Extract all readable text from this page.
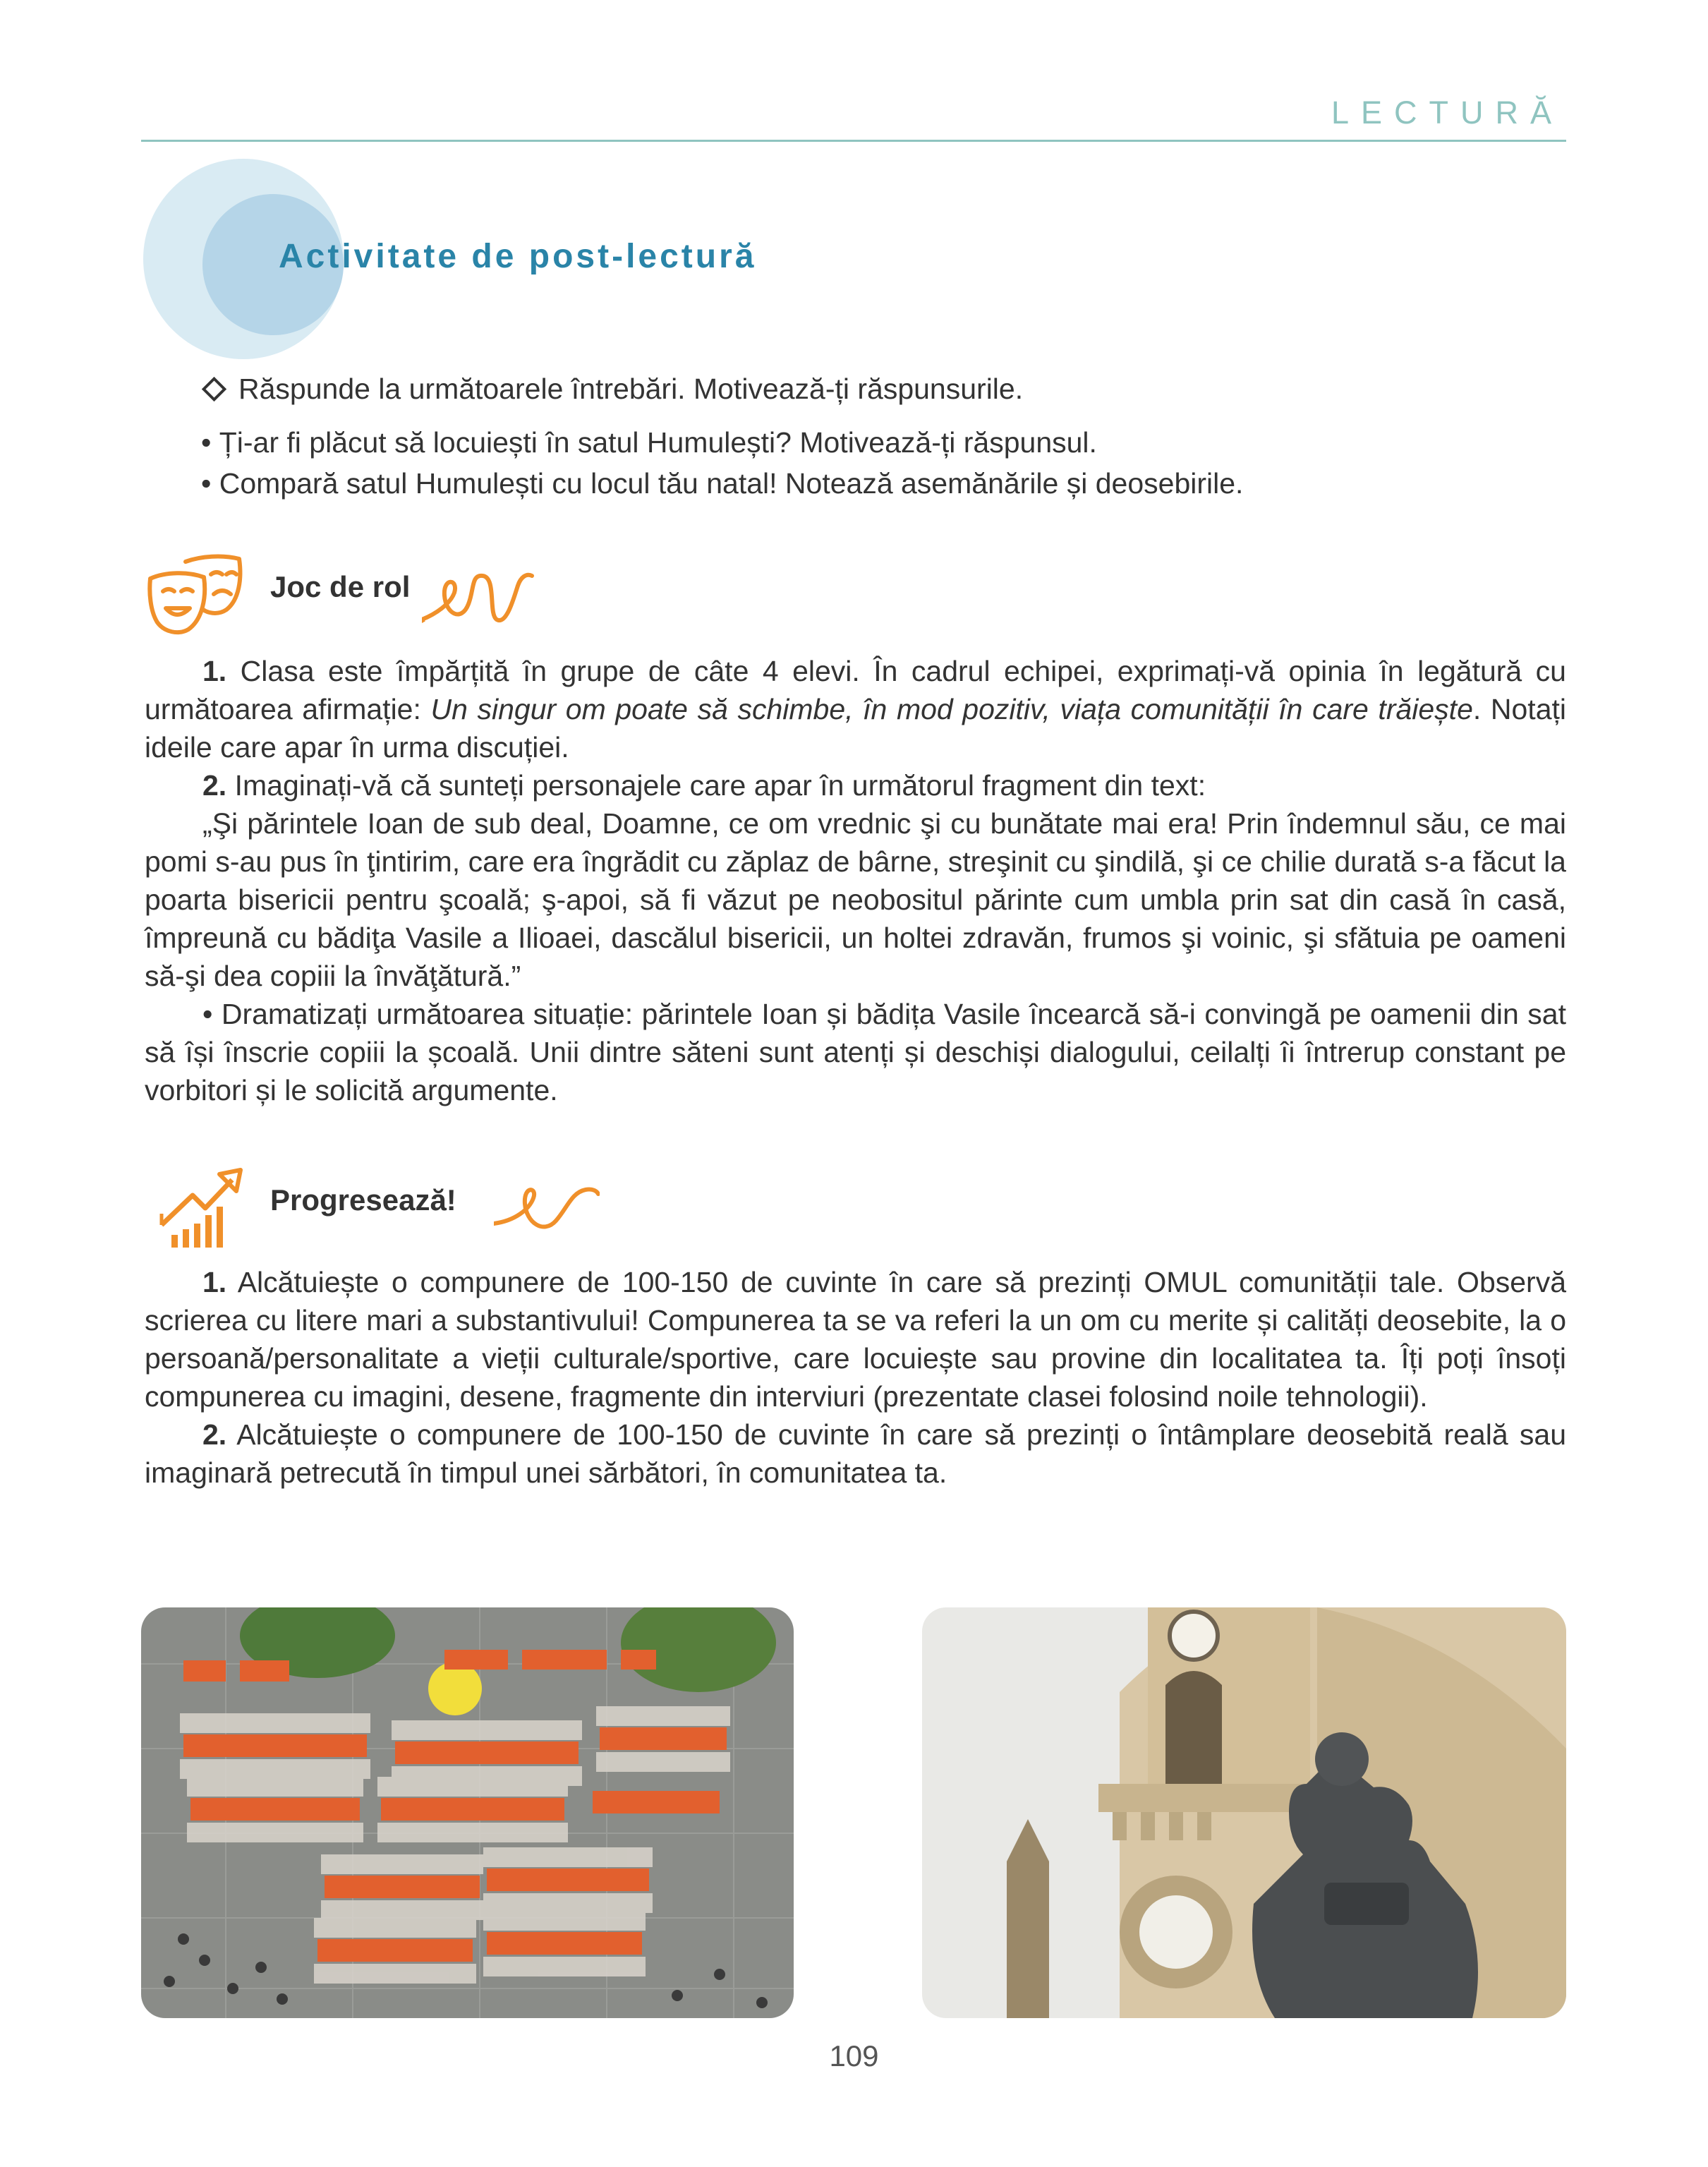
LECTURĂ
Activitate de post-lectură
Răspunde la următoarele întrebări. Motivează-ți răspunsurile.
• Ți-ar fi plăcut să locuiești în satul Humulești? Motivează-ți răspunsul.
• Compară satul Humulești cu locul tău natal! Notează asemănările și deosebirile.
Joc de rol

1. Clasa este împărțită în grupe de câte 4 elevi. În cadrul echipei, exprimați-vă opinia în legătură cu următoarea afirmație: Un singur om poate să schimbe, în mod pozitiv, viața comunității în care trăiește. Notați ideile care apar în urma discuției.

2. Imaginați-vă că sunteți personajele care apar în următorul fragment din text:

„Şi părintele Ioan de sub deal, Doamne, ce om vrednic şi cu bunătate mai era! Prin îndemnul său, ce mai pomi s-au pus în ţintirim, care era îngrădit cu zăplaz de bârne, streşinit cu şindilă, şi ce chilie durată s-a făcut la poarta bisericii pentru şcoală; ş-apoi, să fi văzut pe neobositul părinte cum umbla prin sat din casă în casă, împreună cu bădiţa Vasile a Ilioaei, dascălul bisericii, un holtei zdravăn, frumos şi voinic, şi sfătuia pe oameni să-şi dea copiii la învăţătură.”

• Dramatizați următoarea situație: părintele Ioan și bădița Vasile încearcă să-i convingă pe oamenii din sat să își înscrie copiii la școală. Unii dintre săteni sunt atenți și deschiși dialogului, ceilalți îi întrerup constant pe vorbitori și le solicită argumente.

Progresează!

1. Alcătuiește o compunere de 100-150 de cuvinte în care să prezinți OMUL comunității tale. Observă scrierea cu litere mari a substantivului! Compunerea ta se va referi la un om cu merite și calități deosebite, la o persoană/personalitate a vieții culturale/sportive, care locuiește sau provine din localitatea ta. Îți poți însoți compunerea cu imagini, desene, fragmente din interviuri (prezentate clasei folosind noile tehnologii).

2. Alcătuiește o compunere de 100-150 de cuvinte în care să prezinți o întâmplare deosebită reală sau imaginară petrecută în timpul unei sărbători, în comunitatea ta.

109
